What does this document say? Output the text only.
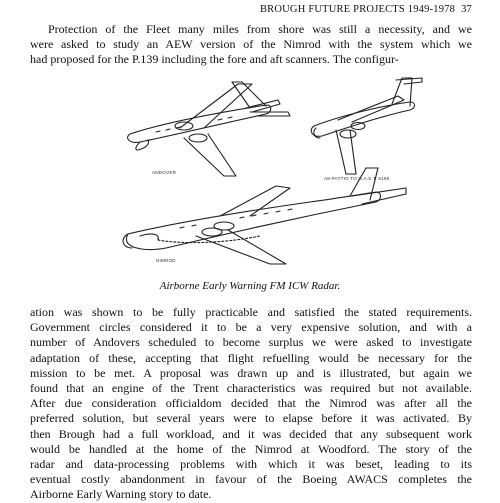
BROUGH FUTURE PROJECTS 1949-1978 37
Protection of the Fleet many miles from shore was still a necessity, and we
were asked to study an AEW version of the Nimrod with the system which we
had proposed for the P.139 including the fore and aft scanners. The configur-
ANDOVER
A8-PATTIO TO N.A.S.T. 6166
NIMROD
Airborne Early Warning FM ICW Radar.
ation was shown to be fully practicable and satisfied the stated requirements.
Government circles considered it to be a very expensive solution, and with a
number of Andovers scheduled to become surplus we were asked to investigate
adaptation of these, accepting that flight refuelling would be necessary for the
mission to be met. A proposal was drawn up and is illustrated, but again we
found that an engine of the Trent characteristics was required but not available.
After due consideration officialdom decided that the Nimrod was after all the
preferred solution, but several years were to elapse before it was activated. By
then Brough had a full workload, and it was decided that any subsequent work
would be handled at the home of the Nimrod at Woodford. The story of the
radar and data-processing problems with which it was beset, leading to its
eventual costly abandonment in favour of the Boeing AWACS completes the
Airborne Early Warning story to date.
